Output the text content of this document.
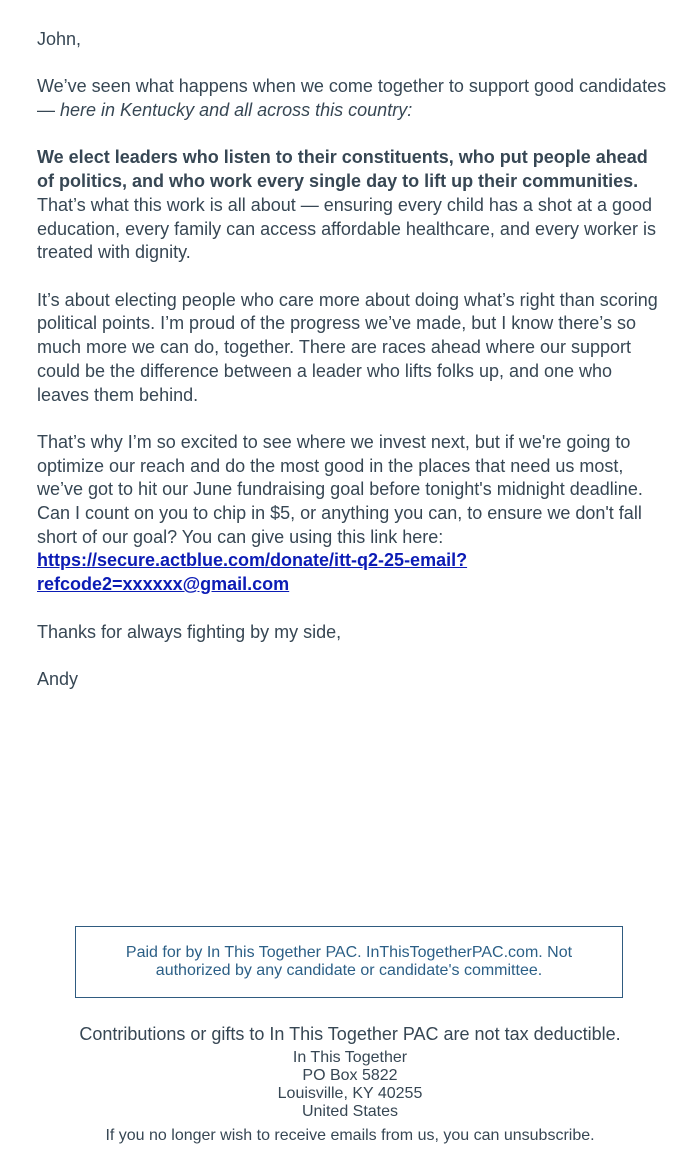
John,

We’ve seen what happens when we come together to support good candidates — here in Kentucky and all across this country:

We elect leaders who listen to their constituents, who put people ahead of politics, and who work every single day to lift up their communities. That’s what this work is all about — ensuring every child has a shot at a good education, every family can access affordable healthcare, and every worker is treated with dignity.

It’s about electing people who care more about doing what’s right than scoring political points. I’m proud of the progress we’ve made, but I know there’s so much more we can do, together. There are races ahead where our support could be the difference between a leader who lifts folks up, and one who leaves them behind.

That’s why I’m so excited to see where we invest next, but if we're going to optimize our reach and do the most good in the places that need us most, we’ve got to hit our June fundraising goal before tonight's midnight deadline. Can I count on you to chip in $5, or anything you can, to ensure we don't fall short of our goal? You can give using this link here:
https://secure.actblue.com/donate/itt-q2-25-email?
refcode2=xxxxxx@gmail.com

Thanks for always fighting by my side,

Andy

Paid for by In This Together PAC. InThisTogetherPAC.com. Not authorized by any candidate or candidate's committee.

Contributions or gifts to In This Together PAC are not tax deductible.

In This Together

PO Box 5822

Louisville, KY 40255

United States

If you no longer wish to receive emails from us, you can unsubscribe.
